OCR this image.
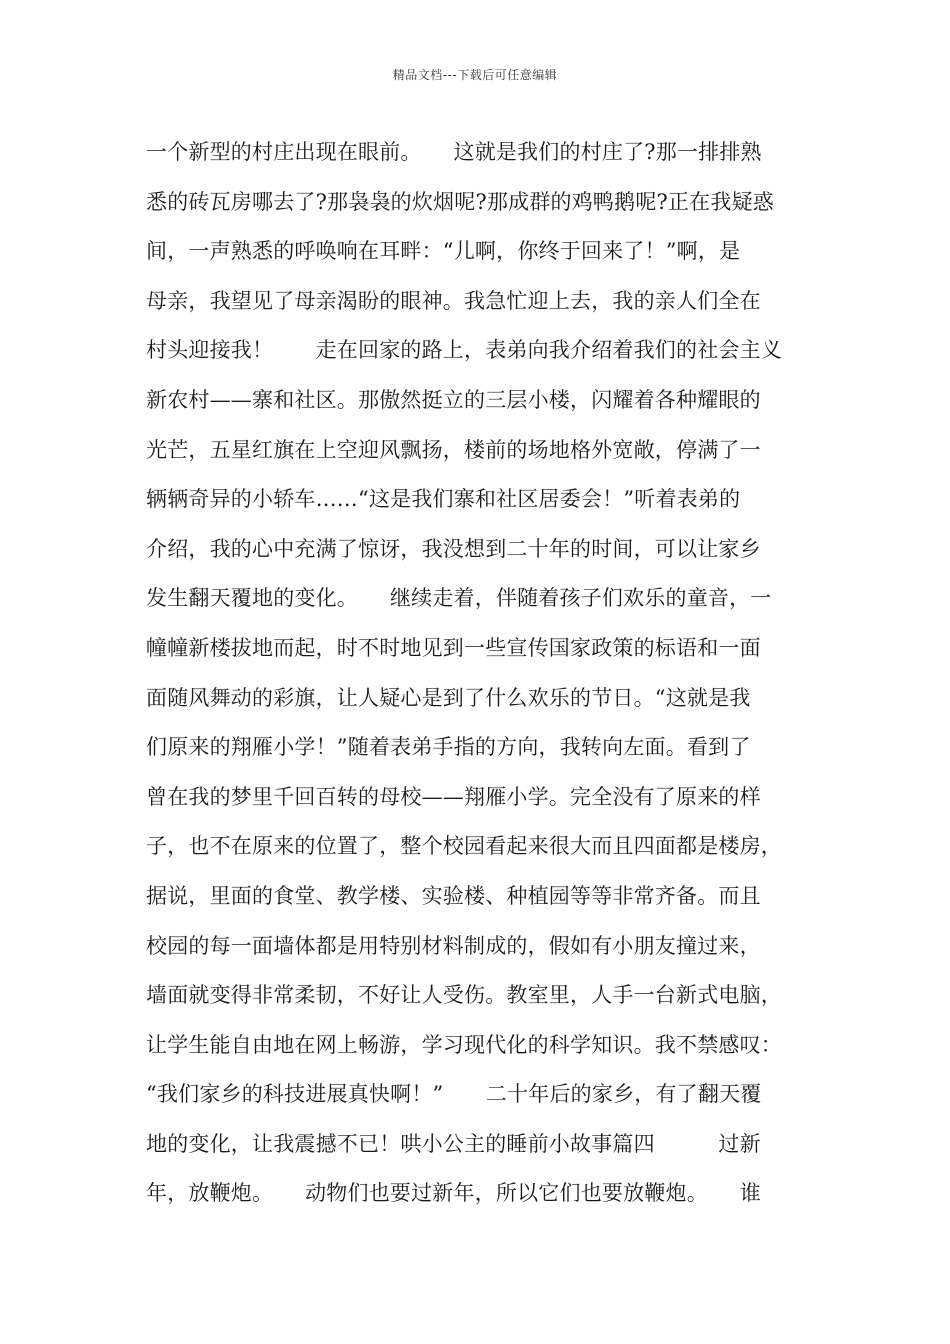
精品文档---下载后可任意编辑
一个新型的村庄出现在眼前。　　这就是我们的村庄了?那一排排熟
悉的砖瓦房哪去了?那袅袅的炊烟呢?那成群的鸡鸭鹅呢?正在我疑惑
间，一声熟悉的呼唤响在耳畔：“儿啊，你终于回来了！”啊，是
母亲，我望见了母亲渴盼的眼神。我急忙迎上去，我的亲人们全在
村头迎接我！　　走在回家的路上，表弟向我介绍着我们的社会主义
新农村——寨和社区。那傲然挺立的三层小楼，闪耀着各种耀眼的
光芒，五星红旗在上空迎风飘扬，楼前的场地格外宽敞，停满了一
辆辆奇异的小轿车……“这是我们寨和社区居委会！”听着表弟的
介绍，我的心中充满了惊讶，我没想到二十年的时间，可以让家乡
发生翻天覆地的变化。　　继续走着，伴随着孩子们欢乐的童音，一
幢幢新楼拔地而起，时不时地见到一些宣传国家政策的标语和一面
面随风舞动的彩旗，让人疑心是到了什么欢乐的节日。“这就是我
们原来的翔雁小学！”随着表弟手指的方向，我转向左面。看到了
曾在我的梦里千回百转的母校——翔雁小学。完全没有了原来的样
子，也不在原来的位置了，整个校园看起来很大而且四面都是楼房，
据说，里面的食堂、教学楼、实验楼、种植园等等非常齐备。而且
校园的每一面墙体都是用特别材料制成的，假如有小朋友撞过来，
墙面就变得非常柔韧，不好让人受伤。教室里，人手一台新式电脑，
让学生能自由地在网上畅游，学习现代化的科学知识。我不禁感叹：
“我们家乡的科技进展真快啊！”　　二十年后的家乡，有了翻天覆
地的变化，让我震撼不已！哄小公主的睡前小故事篇四　　　过新
年，放鞭炮。　　动物们也要过新年，所以它们也要放鞭炮。　　谁
